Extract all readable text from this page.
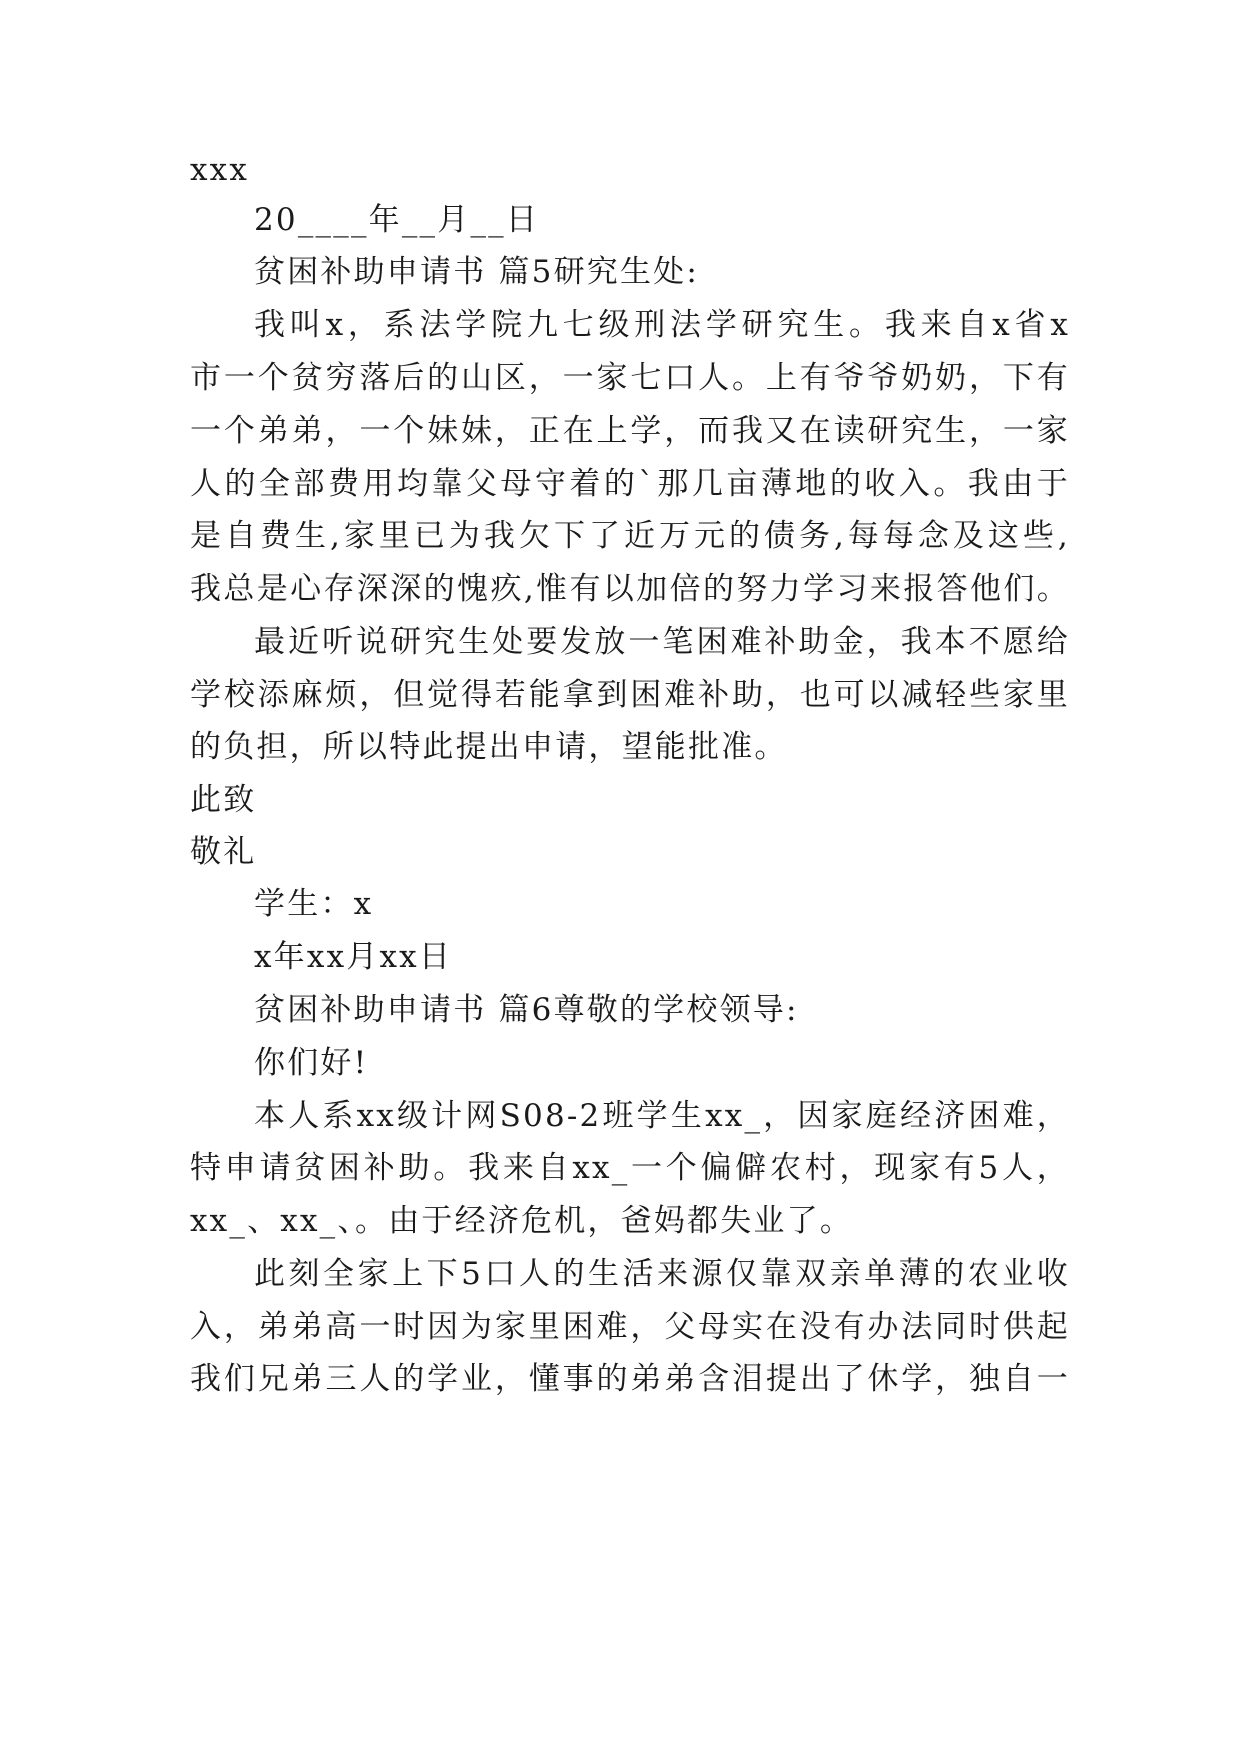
xxx
20____年__月__日
贫困补助申请书 篇5研究生处:
我叫x，系法学院九七级刑法学研究生。我来自x省x
市一个贫穷落后的山区，一家七口人。上有爷爷奶奶，下有
一个弟弟，一个妹妹，正在上学，而我又在读研究生，一家
人的全部费用均靠父母守着的`那几亩薄地的收入。我由于
是自费生,家里已为我欠下了近万元的债务,每每念及这些,
我总是心存深深的愧疚,惟有以加倍的努力学习来报答他们。
最近听说研究生处要发放一笔困难补助金，我本不愿给
学校添麻烦，但觉得若能拿到困难补助，也可以减轻些家里
的负担，所以特此提出申请，望能批准。
此致
敬礼
学生：x
x年xx月xx日
贫困补助申请书 篇6尊敬的学校领导:
你们好!
本人系xx级计网S08-2班学生xx_，因家庭经济困难，
特申请贫困补助。我来自xx_一个偏僻农村，现家有5人，
xx_、xx_、。由于经济危机，爸妈都失业了。
此刻全家上下5口人的生活来源仅靠双亲单薄的农业收
入，弟弟高一时因为家里困难，父母实在没有办法同时供起
我们兄弟三人的学业，懂事的弟弟含泪提出了休学，独自一
